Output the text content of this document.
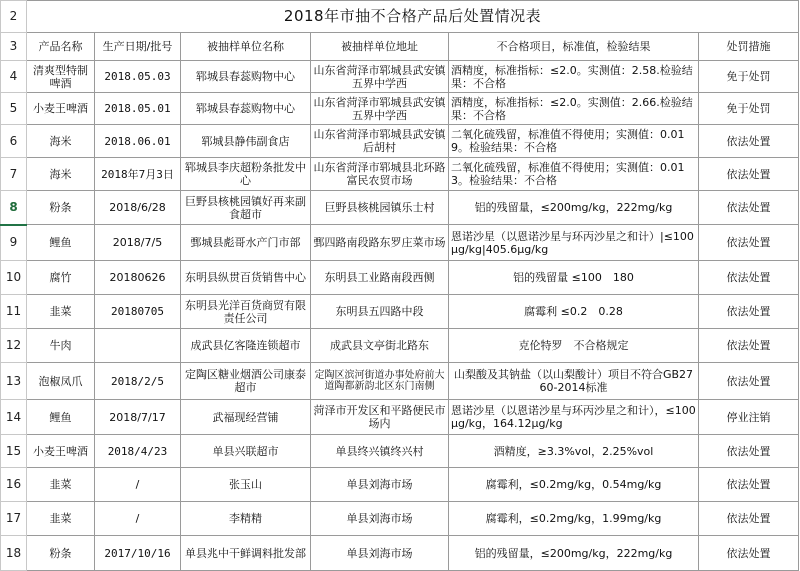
2	2018年市抽不合格产品后处置情况表					
3	产品名称	生产日期/批号	被抽样单位名称	被抽样单位地址	不合格项目，标准值，检验结果	处罚措施
4	清爽型特制啤酒	2018.05.03	郓城县春蕊购物中心	山东省菏泽市郓城县武安镇五界中学西	酒精度，标准指标：≤2.0。实测值：2.58.检验结果：不合格	免于处罚
5	小麦王啤酒	2018.05.01	郓城县春蕊购物中心	山东省菏泽市郓城县武安镇五界中学西	酒精度，标准指标：≤2.0。实测值：2.66.检验结果：不合格	免于处罚
6	海米	2018.06.01	郓城县静伟副食店	山东省菏泽市郓城县武安镇后胡村	二氧化硫残留，标准值不得使用；实测值：0.019。检验结果：不合格	依法处置
7	海米	2018年7月3日	郓城县李庆超粉条批发中心	山东省菏泽市郓城县北环路富民农贸市场	二氧化硫残留，标准值不得使用；实测值：0.013。检验结果：不合格	依法处置
8	粉条	2018/6/28	巨野县核桃园镇好再来副食超市	巨野县核桃园镇乐士村	铝的残留量，≤200mg/kg，222mg/kg	依法处置
9	鲤鱼	2018/7/5	鄄城县彪哥水产门市部	鄄四路南段路东罗庄菜市场	恩诺沙星（以恩诺沙星与环丙沙星之和计）|≤100μg/kg|405.6μg/kg	依法处置
10	腐竹	20180626	东明县纵贯百货销售中心	东明县工业路南段西侧	铝的残留量 ≤100　180	依法处置
11	韭菜	20180705	东明县光洋百货商贸有限责任公司	东明县五四路中段	腐霉利 ≤0.2　0.28	依法处置
12	牛肉		成武县亿客隆连锁超市	成武县文亭街北路东	克伦特罗　不合格规定	依法处置
13	泡椒凤爪	2018/2/5	定陶区糖业烟酒公司康泰超市	定陶区滨河街道办事处府前大道陶都新韵北区东门南侧	山梨酸及其钠盐（以山梨酸计）项目不符合GB2760-2014标准	依法处置
14	鲤鱼	2018/7/17	武福现经营铺	菏泽市开发区和平路便民市场内	恩诺沙星（以恩诺沙星与环丙沙星之和计），≤100μg/kg，164.12μg/kg	停业注销
15	小麦王啤酒	2018/4/23	单县兴联超市	单县终兴镇终兴村	酒精度，≥3.3%vol，2.25%vol	依法处置
16	韭菜	/	张玉山	单县刘海市场	腐霉利，≤0.2mg/kg，0.54mg/kg	依法处置
17	韭菜	/	李精精	单县刘海市场	腐霉利，≤0.2mg/kg，1.99mg/kg	依法处置
18	粉条	2017/10/16	单县兆中干鲜调料批发部	单县刘海市场	铝的残留量，≤200mg/kg，222mg/kg	依法处置
